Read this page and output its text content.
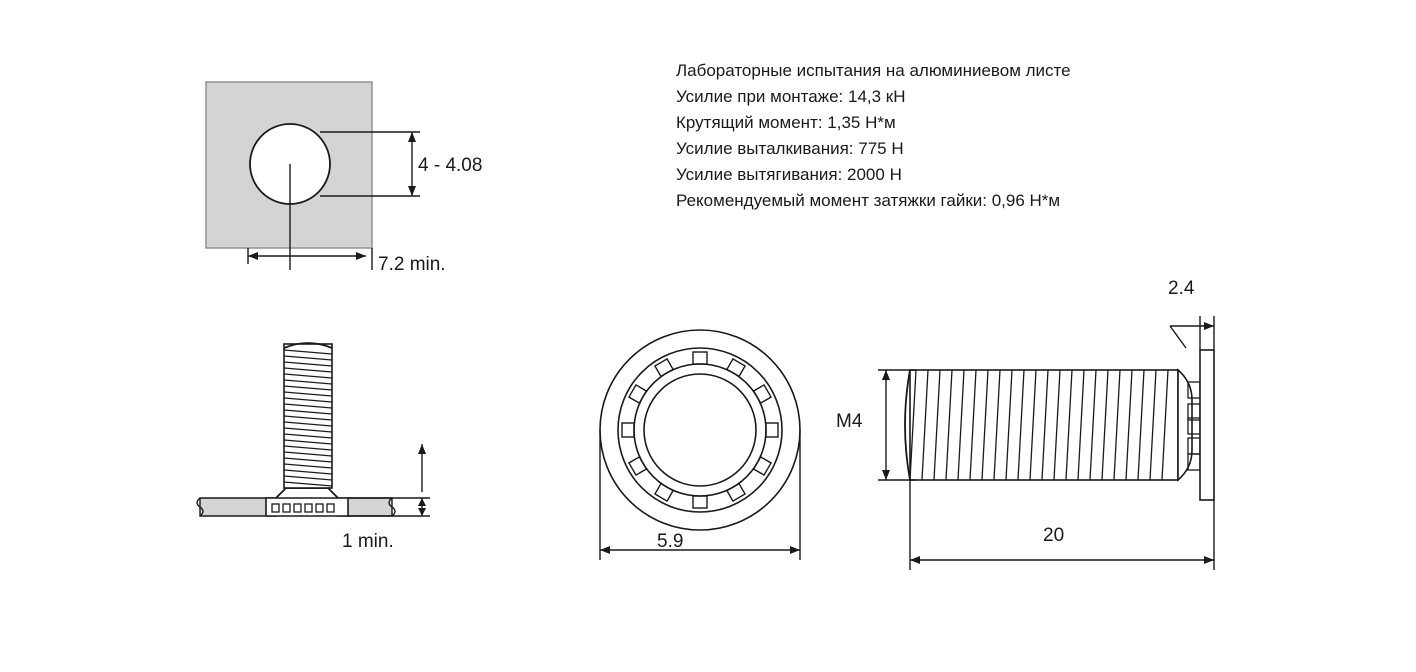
Лабораторные испытания на алюминиевом листе
Усилие при монтаже: 14,3 кН
Крутящий момент: 1,35 Н*м
Усилие выталкивания: 775 Н
Усилие вытягивания: 2000 Н
Рекомендуемый момент затяжки гайки: 0,96 Н*м
4 - 4.08
7.2 min.
1 min.	5.9
2.4
M4
20
